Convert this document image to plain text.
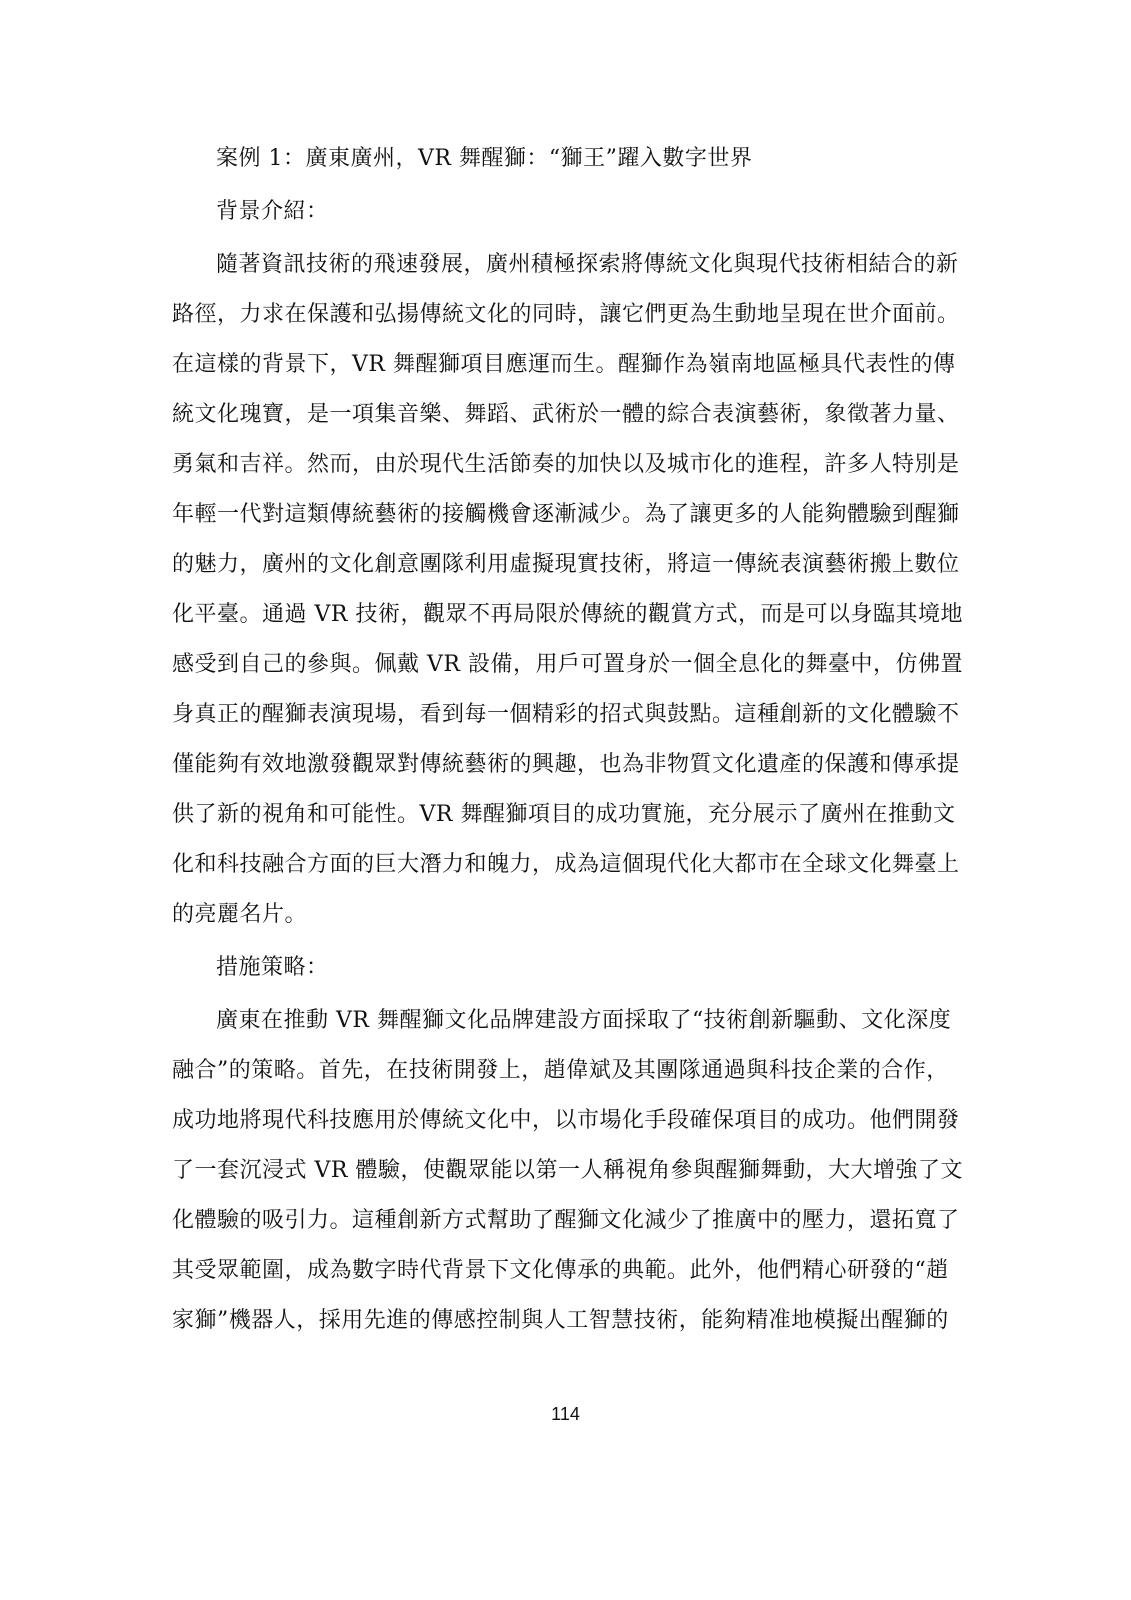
案例 1：廣東廣州，VR 舞醒獅：“獅王”躍入數字世界
背景介紹：
隨著資訊技術的飛速發展，廣州積極探索將傳統文化與現代技術相結合的新
路徑，力求在保護和弘揚傳統文化的同時，讓它們更為生動地呈現在世介面前。
在這樣的背景下，VR 舞醒獅項目應運而生。醒獅作為嶺南地區極具代表性的傳
統文化瑰寶，是一項集音樂、舞蹈、武術於一體的綜合表演藝術，象徵著力量、
勇氣和吉祥。然而，由於現代生活節奏的加快以及城市化的進程，許多人特別是
年輕一代對這類傳統藝術的接觸機會逐漸減少。為了讓更多的人能夠體驗到醒獅
的魅力，廣州的文化創意團隊利用虛擬現實技術，將這一傳統表演藝術搬上數位
化平臺。通過 VR 技術，觀眾不再局限於傳統的觀賞方式，而是可以身臨其境地
感受到自己的參與。佩戴 VR 設備，用戶可置身於一個全息化的舞臺中，仿佛置
身真正的醒獅表演現場，看到每一個精彩的招式與鼓點。這種創新的文化體驗不
僅能夠有效地激發觀眾對傳統藝術的興趣，也為非物質文化遺產的保護和傳承提
供了新的視角和可能性。VR 舞醒獅項目的成功實施，充分展示了廣州在推動文
化和科技融合方面的巨大潛力和魄力，成為這個現代化大都市在全球文化舞臺上
的亮麗名片。
措施策略：
廣東在推動 VR 舞醒獅文化品牌建設方面採取了“技術創新驅動、文化深度
融合”的策略。首先，在技術開發上，趙偉斌及其團隊通過與科技企業的合作，
成功地將現代科技應用於傳統文化中，以市場化手段確保項目的成功。他們開發
了一套沉浸式 VR 體驗，使觀眾能以第一人稱視角參與醒獅舞動，大大增強了文
化體驗的吸引力。這種創新方式幫助了醒獅文化減少了推廣中的壓力，還拓寬了
其受眾範圍，成為數字時代背景下文化傳承的典範。此外，他們精心研發的“趙
家獅”機器人，採用先進的傳感控制與人工智慧技術，能夠精准地模擬出醒獅的
114
